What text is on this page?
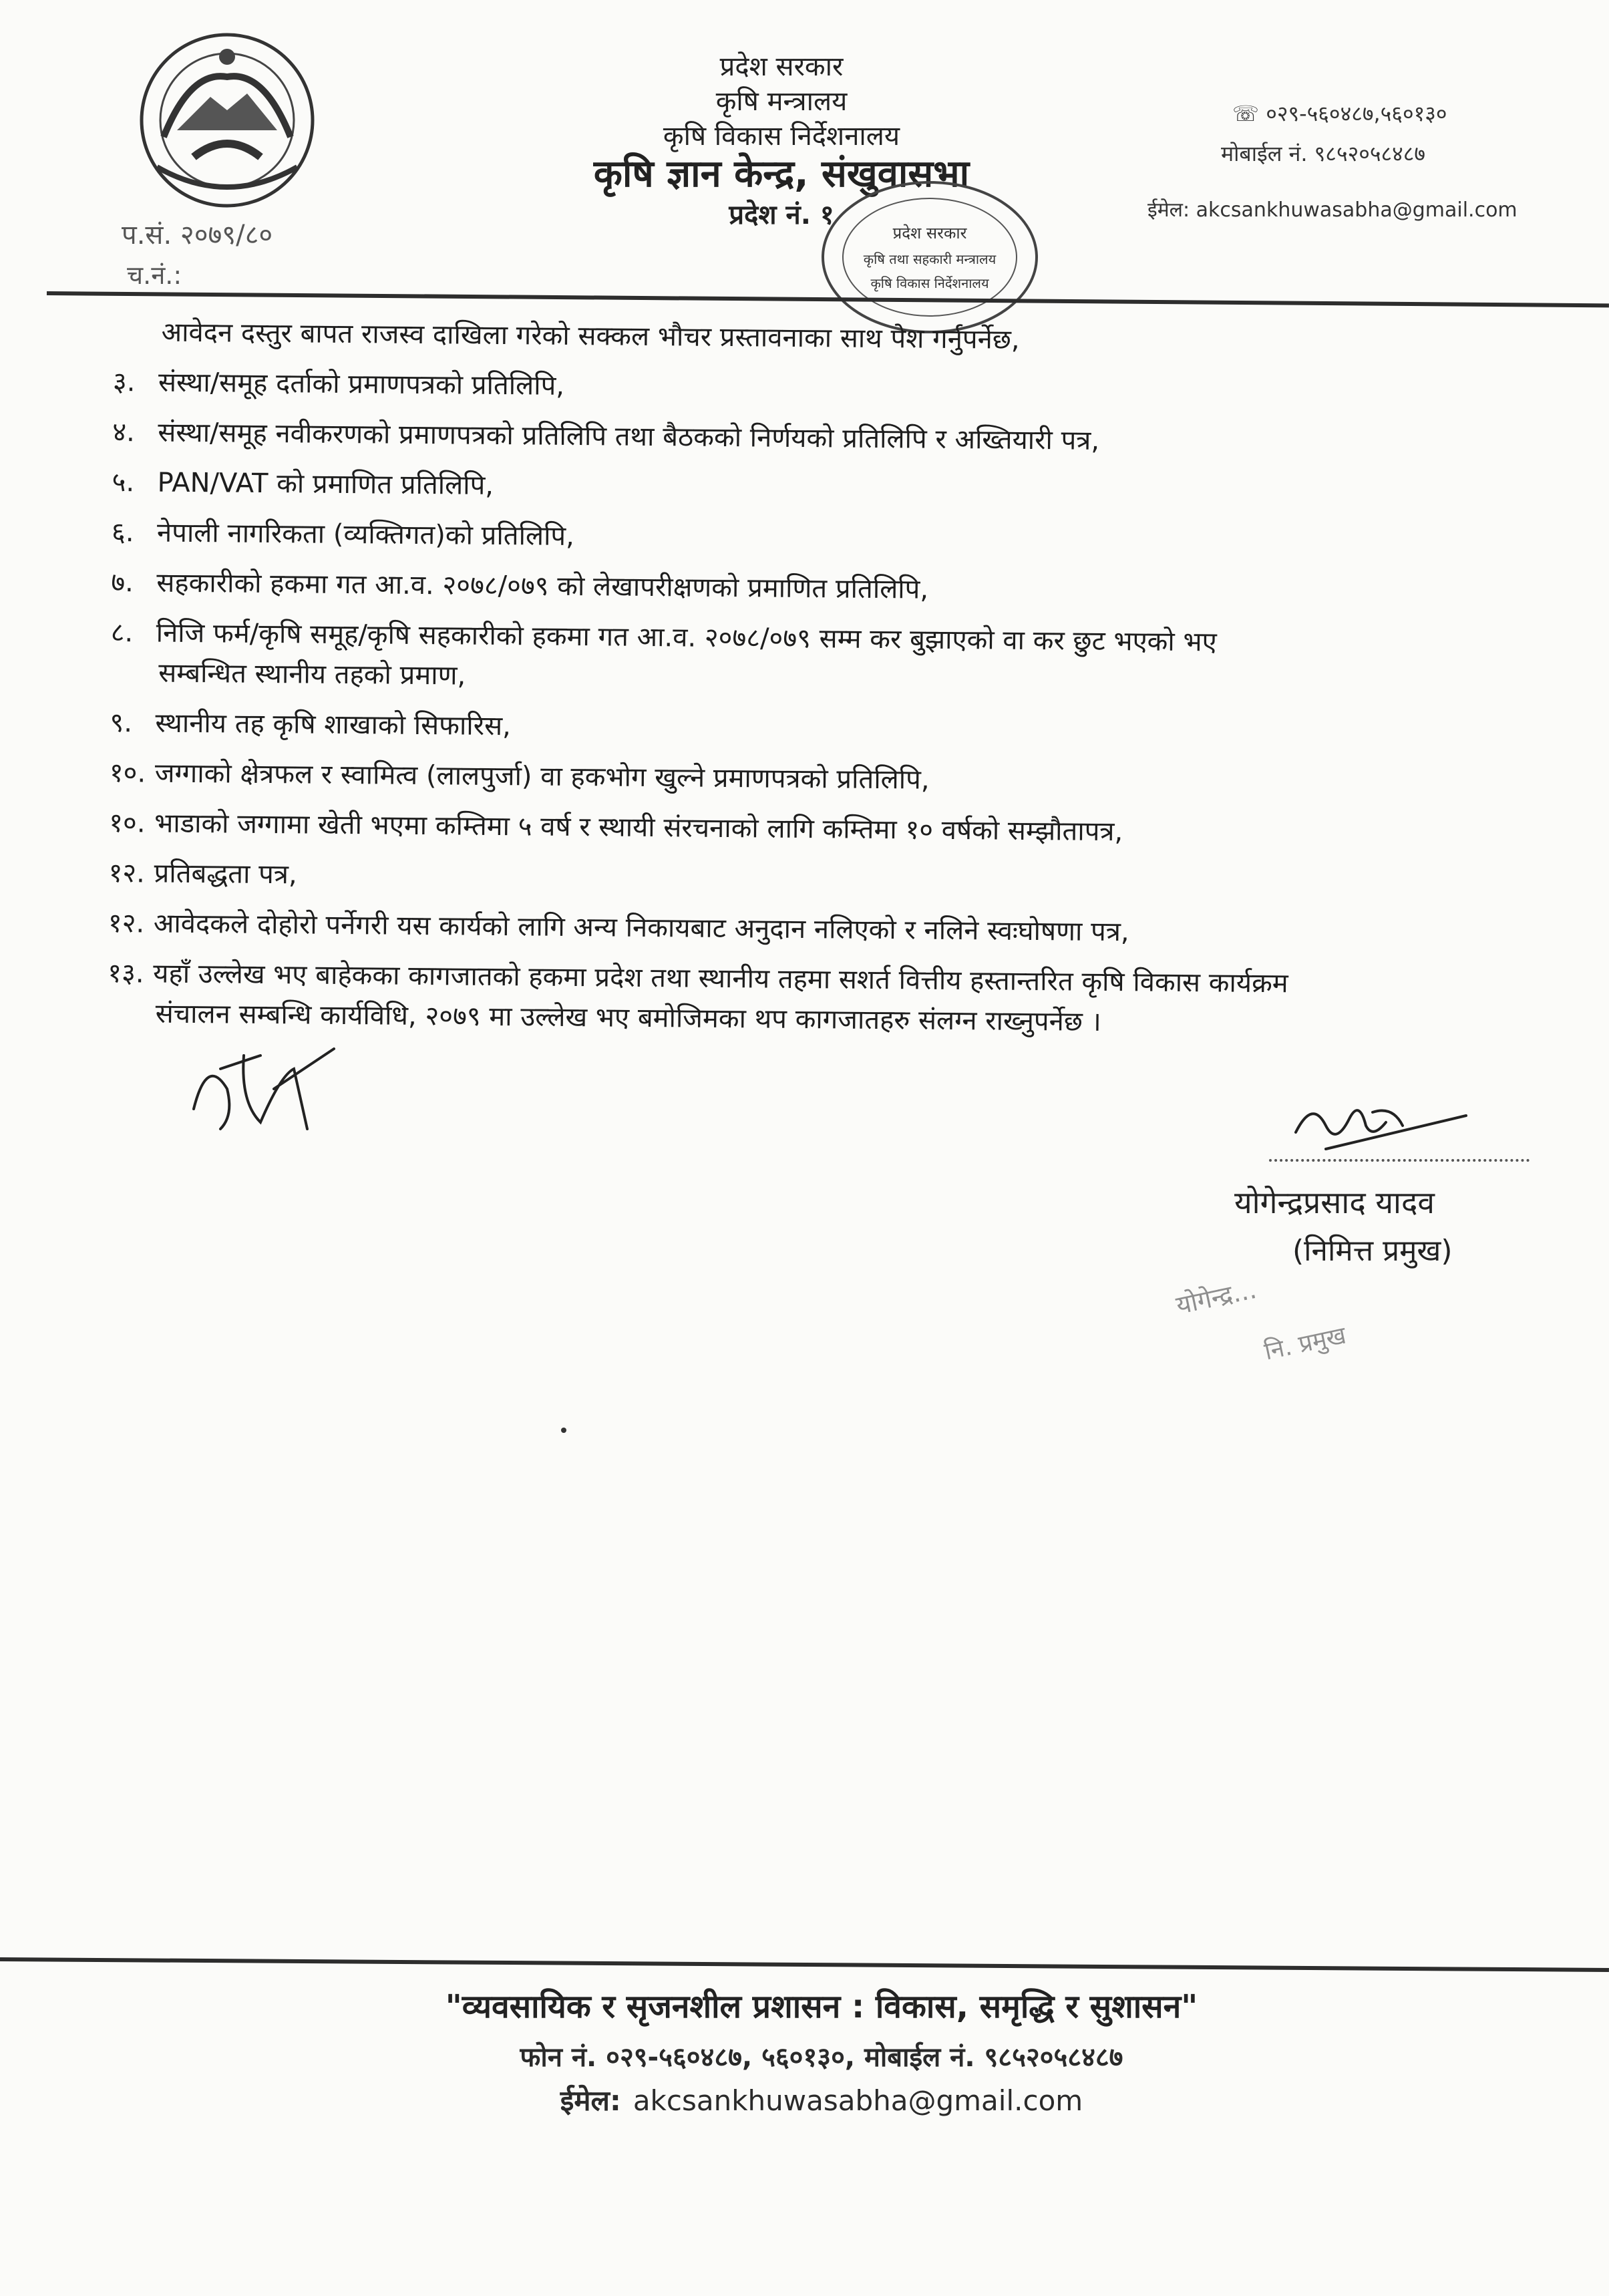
प्रदेश सरकार
कृषि मन्त्रालय
कृषि विकास निर्देशनालय
कृषि ज्ञान केन्द्र, संखुवासभा
प्रदेश नं. १
☏ ०२९-५६०४८७,५६०१३०
मोबाईल नं. ९८५२०५८४८७
ईमेल: akcsankhuwasabha@gmail.com
प.सं. २०७९/८०
च.नं.:
प्रदेश सरकार
कृषि तथा सहकारी मन्त्रालय
कृषि विकास निर्देशनालय
आवेदन दस्तुर बापत राजस्व दाखिला गरेको सक्कल भौचर प्रस्तावनाका साथ पेश गर्नुपर्नेछ,
३. संस्था/समूह दर्ताको प्रमाणपत्रको प्रतिलिपि,
४. संस्था/समूह नवीकरणको प्रमाणपत्रको प्रतिलिपि तथा बैठकको निर्णयको प्रतिलिपि र अख्तियारी पत्र,
५. PAN/VAT को प्रमाणित प्रतिलिपि,
६. नेपाली नागरिकता (व्यक्तिगत)को प्रतिलिपि,
७. सहकारीको हकमा गत आ.व. २०७८/०७९ को लेखापरीक्षणको प्रमाणित प्रतिलिपि,
८. निजि फर्म/कृषि समूह/कृषि सहकारीको हकमा गत आ.व. २०७८/०७९ सम्म कर बुझाएको वा कर छुट भएको भए
सम्बन्धित स्थानीय तहको प्रमाण,
९. स्थानीय तह कृषि शाखाको सिफारिस,
१०. जग्गाको क्षेत्रफल र स्वामित्व (लालपुर्जा) वा हकभोग खुल्ने प्रमाणपत्रको प्रतिलिपि,
१०. भाडाको जग्गामा खेती भएमा कम्तिमा ५ वर्ष र स्थायी संरचनाको लागि कम्तिमा १० वर्षको सम्झौतापत्र,
१२. प्रतिबद्धता पत्र,
१२. आवेदकले दोहोरो पर्नेगरी यस कार्यको लागि अन्य निकायबाट अनुदान नलिएको र नलिने स्वःघोषणा पत्र,
१३. यहाँ उल्लेख भए बाहेकका कागजातको हकमा प्रदेश तथा स्थानीय तहमा सशर्त वित्तीय हस्तान्तरित कृषि विकास कार्यक्रम
संचालन सम्बन्धि कार्यविधि, २०७९ मा उल्लेख भए बमोजिमका थप कागजातहरु संलग्न राख्नुपर्नेछ ।
योगेन्द्रप्रसाद यादव
(निमित्त प्रमुख)
योगेन्द्र...
नि. प्रमुख
"व्यवसायिक र सृजनशील प्रशासन : विकास, समृद्धि र सुशासन"
फोन नं. ०२९-५६०४८७, ५६०१३०, मोबाईल नं. ९८५२०५८४८७
ईमेल: akcsankhuwasabha@gmail.com
